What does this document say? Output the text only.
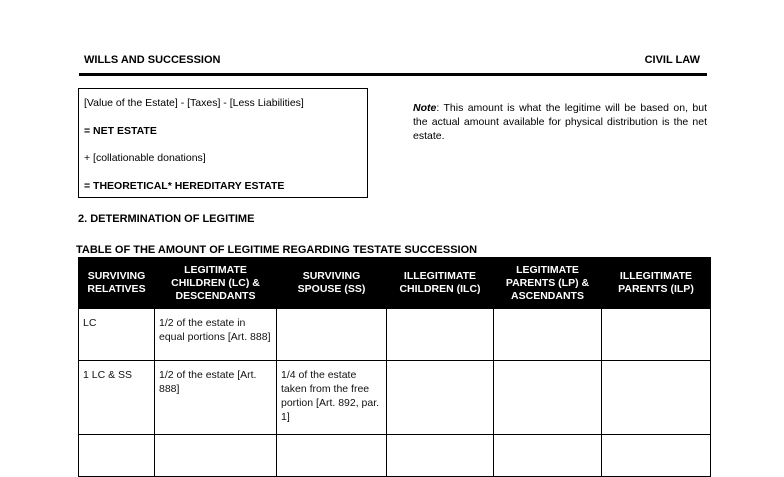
WILLS AND SUCCESSION	CIVIL LAW
[Value of the Estate] - [Taxes] - [Less Liabilities]
= NET ESTATE
+ [collationable donations]
= THEORETICAL* HEREDITARY ESTATE
Note: This amount is what the legitime will be based on, but the actual amount available for physical distribution is the net estate.
2. DETERMINATION OF LEGITIME
TABLE OF THE AMOUNT OF LEGITIME REGARDING TESTATE SUCCESSION
SURVIVING RELATIVES	LEGITIMATE CHILDREN (LC) & DESCENDANTS	SURVIVING SPOUSE (SS)	ILLEGITIMATE CHILDREN (ILC)	LEGITIMATE PARENTS (LP) & ASCENDANTS	ILLEGITIMATE PARENTS (ILP)
LC	1/2 of the estate in equal portions [Art. 888]				
1 LC & SS	1/2 of the estate [Art. 888]	1/4 of the estate taken from the free portion [Art. 892, par. 1]			
